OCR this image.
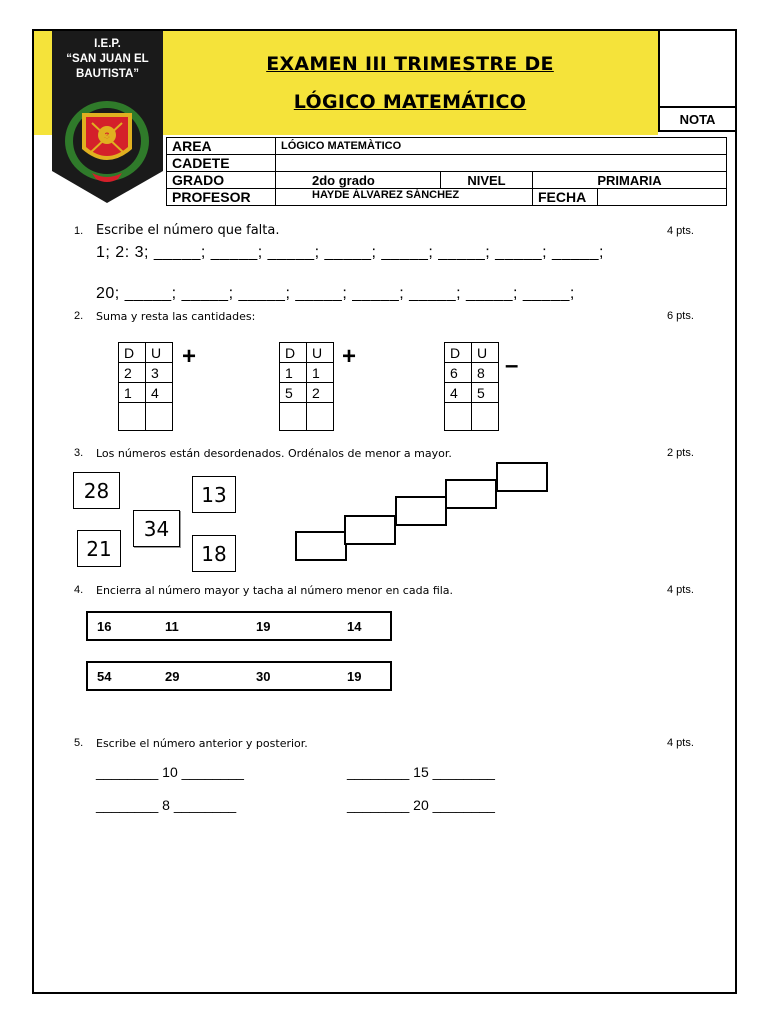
I.E.P.
“SAN JUAN EL
BAUTISTA”	EXAMEN III TRIMESTRE DE
LÓGICO MATEMÁTICO
NOTA
AREA	LÓGICO MATEMÀTICO			
CADETE				
GRADO	2do grado	NIVEL	PRIMARIA	
PROFESOR	HAYDE ÁLVAREZ SÁNCHEZ		FECHA	
1. Escribe el número que falta.	4 pts.
1; 2: 3; _____; _____; _____; _____; _____; _____; _____; _____;
20; _____; _____; _____; _____; _____; _____; _____; _____;
2. Suma y resta las cantidades:	6 pts.
D	U
2	3
1	4

+	D	U
1	1
5	2

+	D	U
6	8
4	5

–
3. Los números están desordenados. Ordénalos de menor a mayor.	2 pts.
28	13
34
21	18
4. Encierra al número mayor y tacha al número menor en cada fila.	4 pts.
16	11	19	14
54	29	30	19
5. Escribe el número anterior y posterior.	4 pts.
________ 10 ________	________ 15 ________
________ 8 ________	________ 20 ________
